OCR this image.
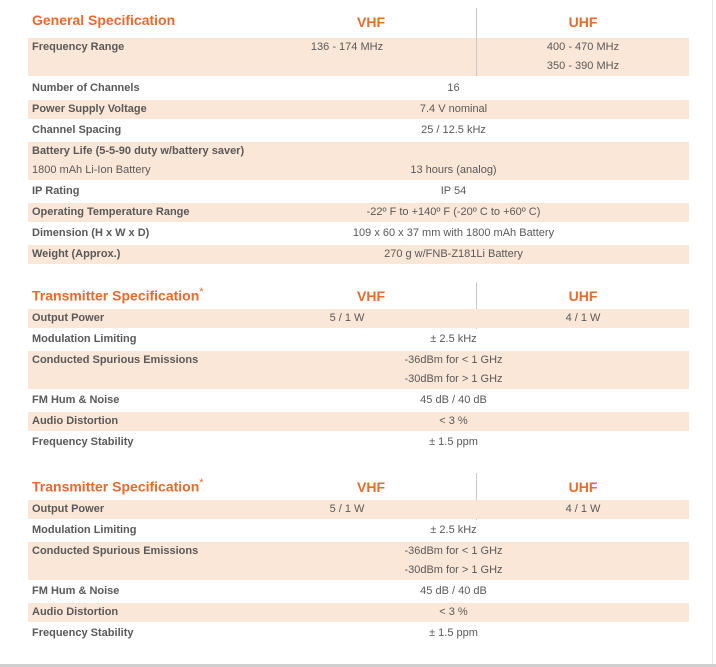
General Specification	VHF	UHF
Frequency Range	136 - 174 MHz	400 - 470 MHz
350 - 390 MHz
Number of Channels	16
Power Supply Voltage	7.4 V nominal
Channel Spacing	25 / 12.5 kHz
Battery Life (5-5-90 duty w/battery saver)
1800 mAh Li-Ion Battery	13 hours (analog)
IP Rating	IP 54
Operating Temperature Range	-22º F to +140º F (-20º C to +60º C)
Dimension (H x W x D)	109 x 60 x 37 mm with 1800 mAh Battery
Weight (Approx.)	270 g w/FNB-Z181Li Battery
Transmitter Specification*	VHF	UHF
Output Power	5 / 1 W	4 / 1 W
Modulation Limiting	± 2.5 kHz
Conducted Spurious Emissions	-36dBm for < 1 GHz
-30dBm for > 1 GHz
FM Hum & Noise	45 dB / 40 dB
Audio Distortion	< 3 %
Frequency Stability	± 1.5 ppm
Transmitter Specification*	VHF	UHF
Output Power	5 / 1 W	4 / 1 W
Modulation Limiting	± 2.5 kHz
Conducted Spurious Emissions	-36dBm for < 1 GHz
-30dBm for > 1 GHz
FM Hum & Noise	45 dB / 40 dB
Audio Distortion	< 3 %
Frequency Stability	± 1.5 ppm
